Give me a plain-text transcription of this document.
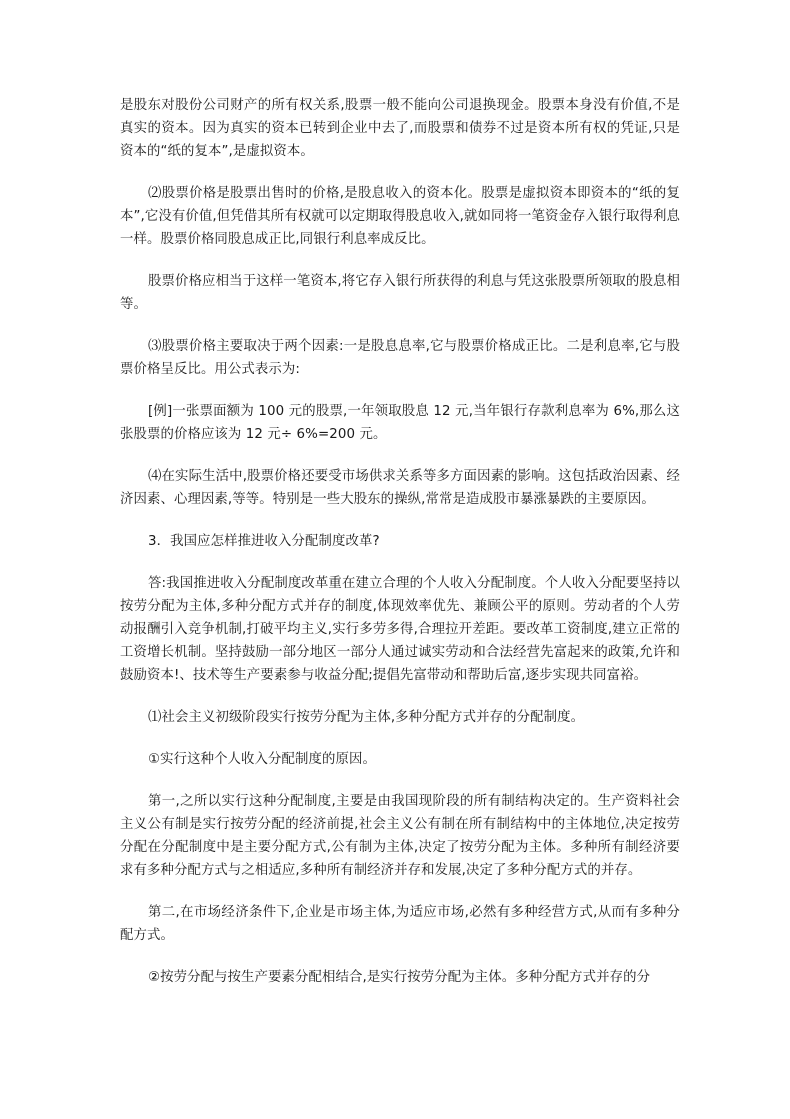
是股东对股份公司财产的所有权关系,股票一般不能向公司退换现金。股票本身没有价值,不是真实的资本。因为真实的资本已转到企业中去了,而股票和债券不过是资本所有权的凭证,只是资本的“纸的复本”,是虚拟资本。

⑵股票价格是股票出售时的价格,是股息收入的资本化。股票是虚拟资本即资本的“纸的复本”,它没有价值,但凭借其所有权就可以定期取得股息收入,就如同将一笔资金存入银行取得利息一样。股票价格同股息成正比,同银行利息率成反比。

股票价格应相当于这样一笔资本,将它存入银行所获得的利息与凭这张股票所领取的股息相等。

⑶股票价格主要取决于两个因素:一是股息息率,它与股票价格成正比。二是利息率,它与股票价格呈反比。用公式表示为:

[例]一张票面额为 100 元的股票,一年领取股息 12 元,当年银行存款利息率为 6%,那么这张股票的价格应该为 12 元÷ 6%=200 元。

⑷在实际生活中,股票价格还要受市场供求关系等多方面因素的影响。这包括政治因素、经济因素、心理因素,等等。特别是一些大股东的操纵,常常是造成股市暴涨暴跌的主要原因。

3．我国应怎样推进收入分配制度改革?

答:我国推进收入分配制度改革重在建立合理的个人收入分配制度。个人收入分配要坚持以按劳分配为主体,多种分配方式并存的制度,体现效率优先、兼顾公平的原则。劳动者的个人劳动报酬引入竞争机制,打破平均主义,实行多劳多得,合理拉开差距。要改革工资制度,建立正常的工资增长机制。坚持鼓励一部分地区一部分人通过诚实劳动和合法经营先富起来的政策,允许和鼓励资本!、技术等生产要素参与收益分配;提倡先富带动和帮助后富,逐步实现共同富裕。

⑴社会主义初级阶段实行按劳分配为主体,多种分配方式并存的分配制度。

①实行这种个人收入分配制度的原因。

第一,之所以实行这种分配制度,主要是由我国现阶段的所有制结构决定的。生产资料社会主义公有制是实行按劳分配的经济前提,社会主义公有制在所有制结构中的主体地位,决定按劳分配在分配制度中是主要分配方式,公有制为主体,决定了按劳分配为主体。多种所有制经济要求有多种分配方式与之相适应,多种所有制经济并存和发展,决定了多种分配方式的并存。

第二,在市场经济条件下,企业是市场主体,为适应市场,必然有多种经营方式,从而有多种分配方式。

②按劳分配与按生产要素分配相结合,是实行按劳分配为主体。多种分配方式并存的分
